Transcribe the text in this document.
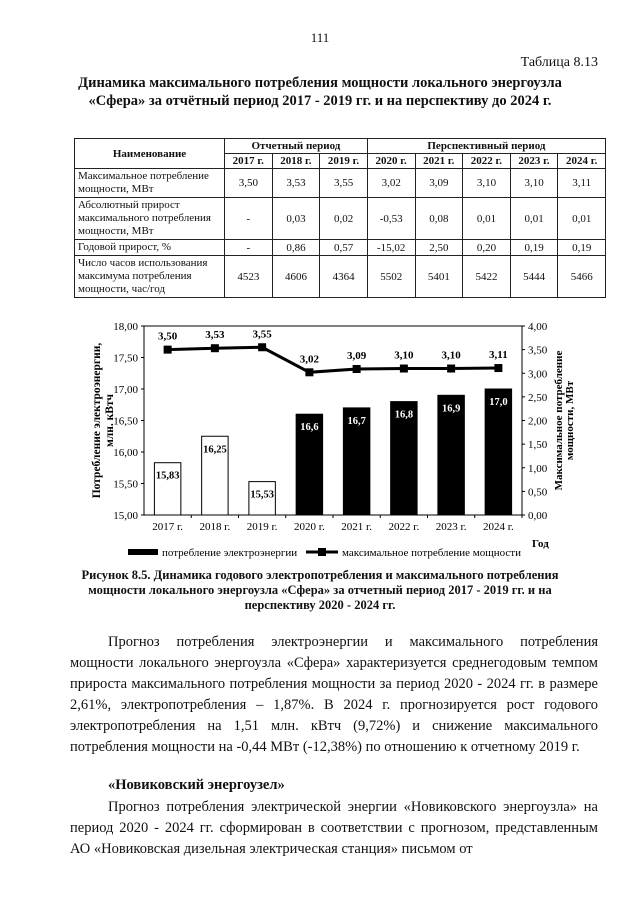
111
Таблица 8.13
Динамика максимального потребления мощности локального энергоузла «Сфера» за отчётный период 2017 - 2019 гг. и на перспективу до 2024 г.
Наименование	Отчетный период			Перспективный период				
	2017 г.	2018 г.	2019 г.	2020 г.	2021 г.	2022 г.	2023 г.	2024 г.
Максимальное потребление мощности, МВт	3,50	3,53	3,55	3,02	3,09	3,10	3,10	3,11
Абсолютный прирост максимального потребления мощности, МВт	-	0,03	0,02	-0,53	0,08	0,01	0,01	0,01
Годовой прирост, %	-	0,86	0,57	-15,02	2,50	0,20	0,19	0,19
Число часов использования максимума потребления мощности, час/год	4523	4606	4364	5502	5401	5422	5444	5466
15,00
15,50
16,00
16,50
17,00
17,50
18,00
0,00
0,50
1,00
1,50
2,00
2,50
3,00
3,50
4,00
15,83
16,25
15,53
16,6
16,7
16,8
16,9
17,0
2017 г. 2018 г. 2019 г. 2020 г. 2021 г. 2022 г. 2023 г. 2024 г.
3,50	3,53	3,55
3,02	3,09	3,10	3,10	3,11
Потребление электроэнергии, млн. кВтч	Максимальное потребление мощности, МВт
Год
потребление электроэнергии	максимальное потребление мощности
Рисунок 8.5. Динамика годового электропотребления и максимального потребления мощности локального энергоузла «Сфера» за отчетный период 2017 - 2019 гг. и на перспективу 2020 - 2024 гг.
Прогноз потребления электроэнергии и максимального потребления мощности локального энергоузла «Сфера» характеризуется среднегодовым темпом прироста максимального потребления мощности за период 2020 - 2024 гг. в размере 2,61%, электропотребления – 1,87%. В 2024 г. прогнозируется рост годового электропотребления на 1,51 млн. кВтч (9,72%) и снижение максимального потребления мощности на -0,44 МВт (-12,38%) по отношению к отчетному 2019 г.
«Новиковский энергоузел»
Прогноз потребления электрической энергии «Новиковского энергоузла» на период 2020 - 2024 гг. сформирован в соответствии с прогнозом, представленным АО «Новиковская дизельная электрическая станция» письмом от
